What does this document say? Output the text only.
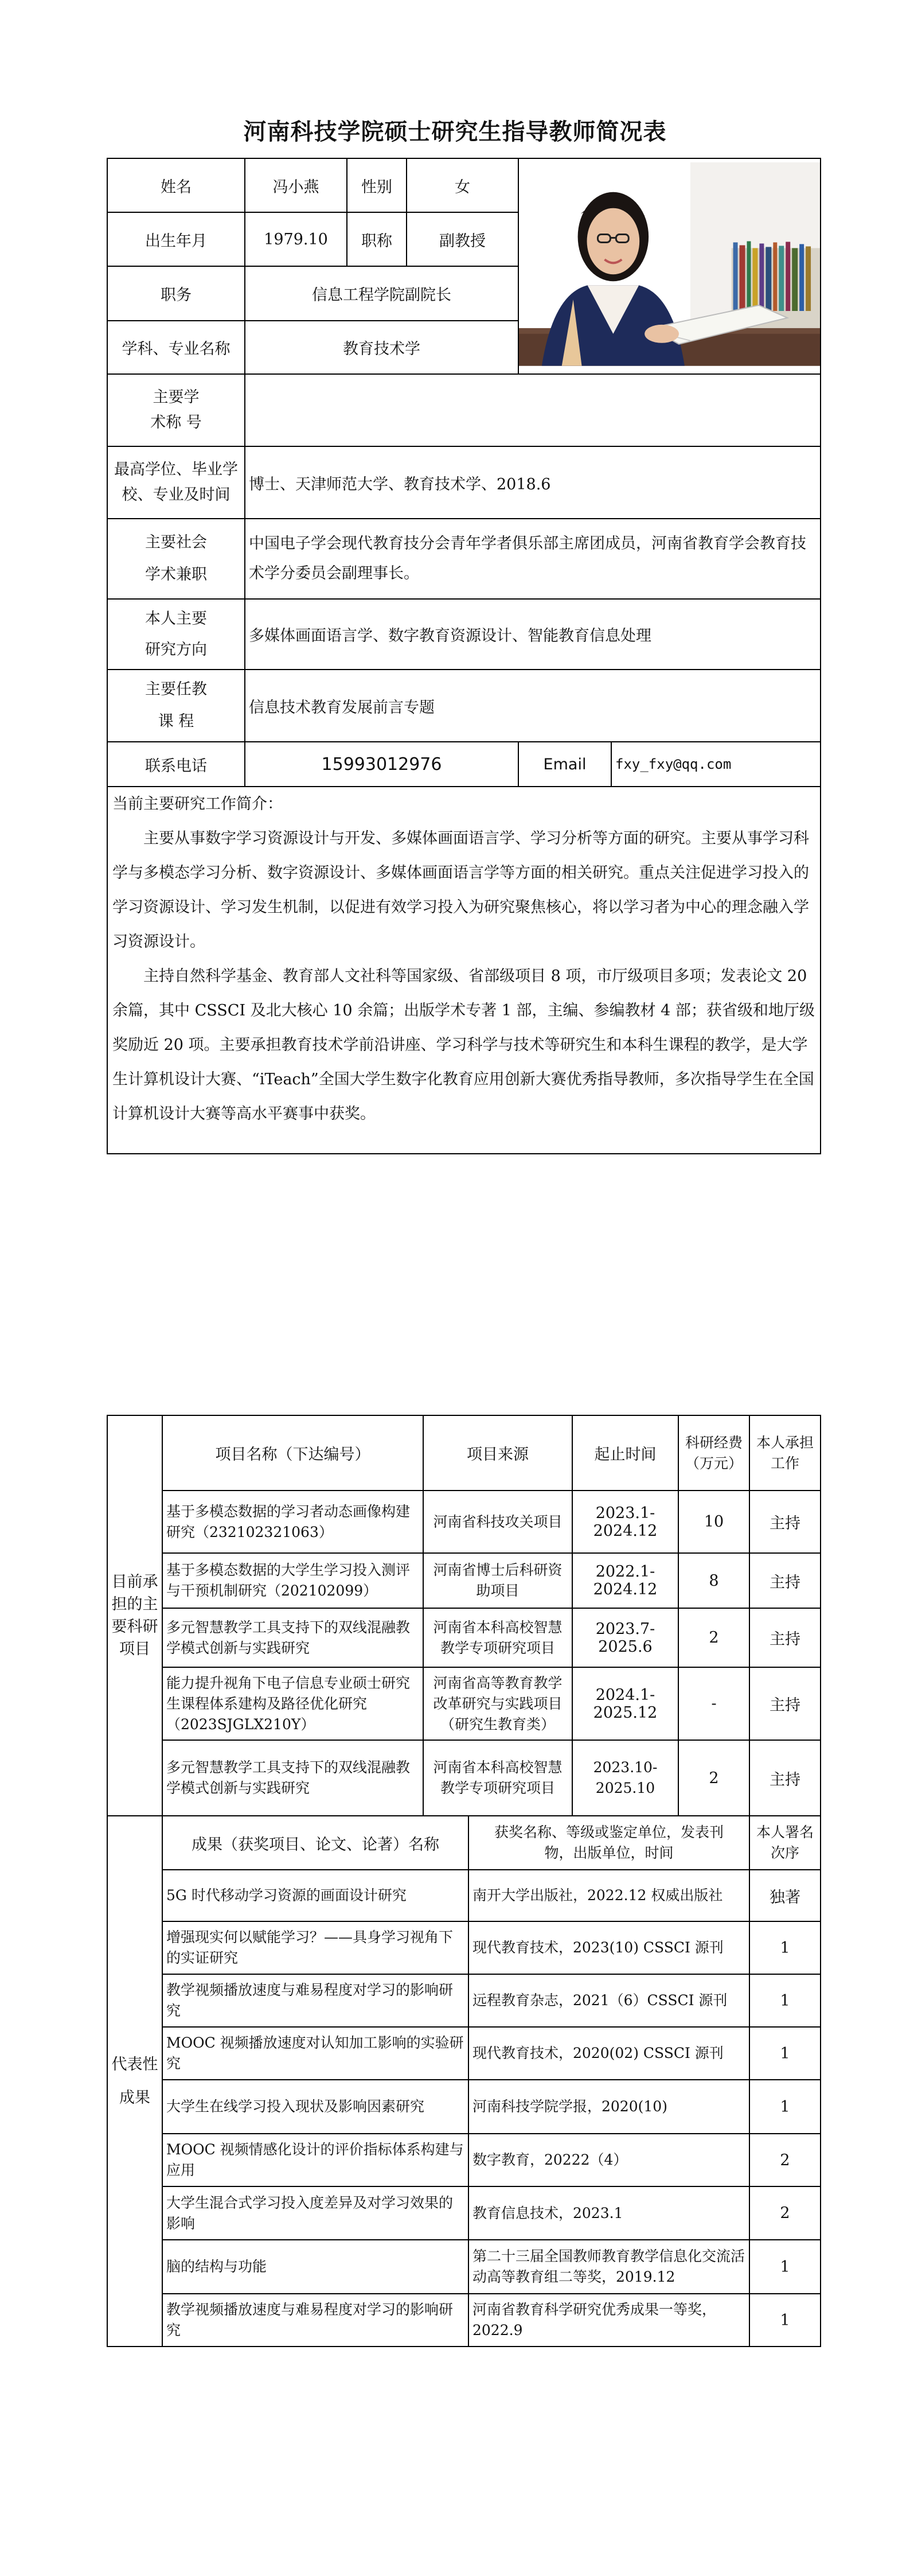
河南科技学院硕士研究生指导教师简况表
姓名	冯小燕	性别	女	
出生年月	1979.10	职称	副教授		
职务	信息工程学院副院长				
学科、专业名称	教育技术学				
主要学术称 号					
最高学位、毕业学校、专业及时间	博士、天津师范大学、教育技术学、2018.6				
主要社会学术兼职	中国电子学会现代教育技分会青年学者俱乐部主席团成员，河南省教育学会教育技术学分委员会副理事长。				
本人主要研究方向	多媒体画面语言学、数字教育资源设计、智能教育信息处理				
主要任教课 程	信息技术教育发展前言专题				
联系电话	15993012976			Email	fxy_fxy@qq.com

当前主要研究工作简介：

主要从事数字学习资源设计与开发、多媒体画面语言学、学习分析等方面的研究。主要从事学习科学与多模态学习分析、数字资源设计、多媒体画面语言学等方面的相关研究。重点关注促进学习投入的学习资源设计、学习发生机制，以促进有效学习投入为研究聚焦核心，将以学习者为中心的理念融入学习资源设计。

主持自然科学基金、教育部人文社科等国家级、省部级项目 8 项，市厅级项目多项；发表论文 20 余篇，其中 CSSCI 及北大核心 10 余篇；出版学术专著 1 部，主编、参编教材 4 部；获省级和地厅级奖励近 20 项。主要承担教育技术学前沿讲座、学习科学与技术等研究生和本科生课程的教学，是大学生计算机设计大赛、“iTeach”全国大学生数字化教育应用创新大赛优秀指导教师，多次指导学生在全国计算机设计大赛等高水平赛事中获奖。					

目前承担的主要科研项目	项目名称（下达编号）	项目来源		起止时间	科研经费（万元）	本人承担工作
	基于多模态数据的学习者动态画像构建研究（232102321063）	河南省科技攻关项目		2023.1-2024.12	10	主持
	基于多模态数据的大学生学习投入测评与干预机制研究（202102099）	河南省博士后科研资助项目		2022.1-2024.12	8	主持
	多元智慧教学工具支持下的双线混融教学模式创新与实践研究	河南省本科高校智慧教学专项研究项目		2023.7-2025.6	2	主持
	能力提升视角下电子信息专业硕士研究生课程体系建构及路径优化研究（2023SJGLX210Y）	河南省高等教育教学改革研究与实践项目（研究生教育类）		2024.1-2025.12	-	主持
	多元智慧教学工具支持下的双线混融教学模式创新与实践研究	河南省本科高校智慧教学专项研究项目		2023.10-2025.10	2	主持
代表性成果	成果（获奖项目、论文、论著）名称		获奖名称、等级或鉴定单位，发表刊物，出版单位，时间			本人署名次序
	5G 时代移动学习资源的画面设计研究		南开大学出版社，2022.12 权威出版社			独著
	增强现实何以赋能学习？——具身学习视角下的实证研究		现代教育技术，2023(10) CSSCI 源刊			1
	教学视频播放速度与难易程度对学习的影响研究		远程教育杂志，2021（6）CSSCI 源刊			1
	MOOC 视频播放速度对认知加工影响的实验研究		现代教育技术，2020(02) CSSCI 源刊			1
	大学生在线学习投入现状及影响因素研究		河南科技学院学报，2020(10)			1
	MOOC 视频情感化设计的评价指标体系构建与应用		数字教育，20222（4）			2
	大学生混合式学习投入度差异及对学习效果的影响		教育信息技术，2023.1			2
	脑的结构与功能		第二十三届全国教师教育教学信息化交流活动高等教育组二等奖，2019.12			1
	教学视频播放速度与难易程度对学习的影响研究		河南省教育科学研究优秀成果一等奖，2022.9			1
